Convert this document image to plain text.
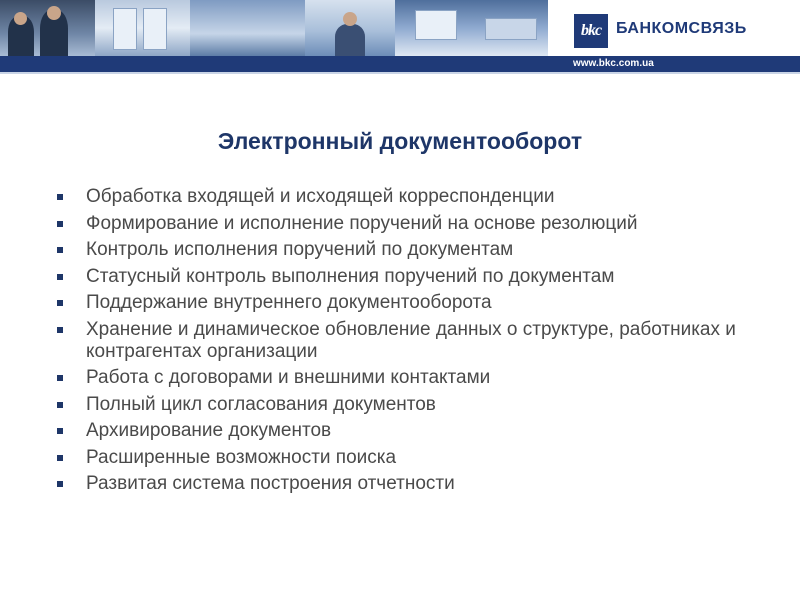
bkc БАНКОМСВЯЗЬ
www.bkc.com.ua
Электронный документооборот
Обработка входящей и исходящей корреспонденции
Формирование и исполнение поручений на основе резолюций
Контроль исполнения поручений по документам
Статусный контроль выполнения поручений по документам
Поддержание внутреннего документооборота
Хранение и динамическое обновление данных о структуре, работниках и контрагентах организации
Работа с договорами и внешними контактами
Полный цикл согласования документов
Архивирование документов
Расширенные возможности поиска
Развитая система построения отчетности
